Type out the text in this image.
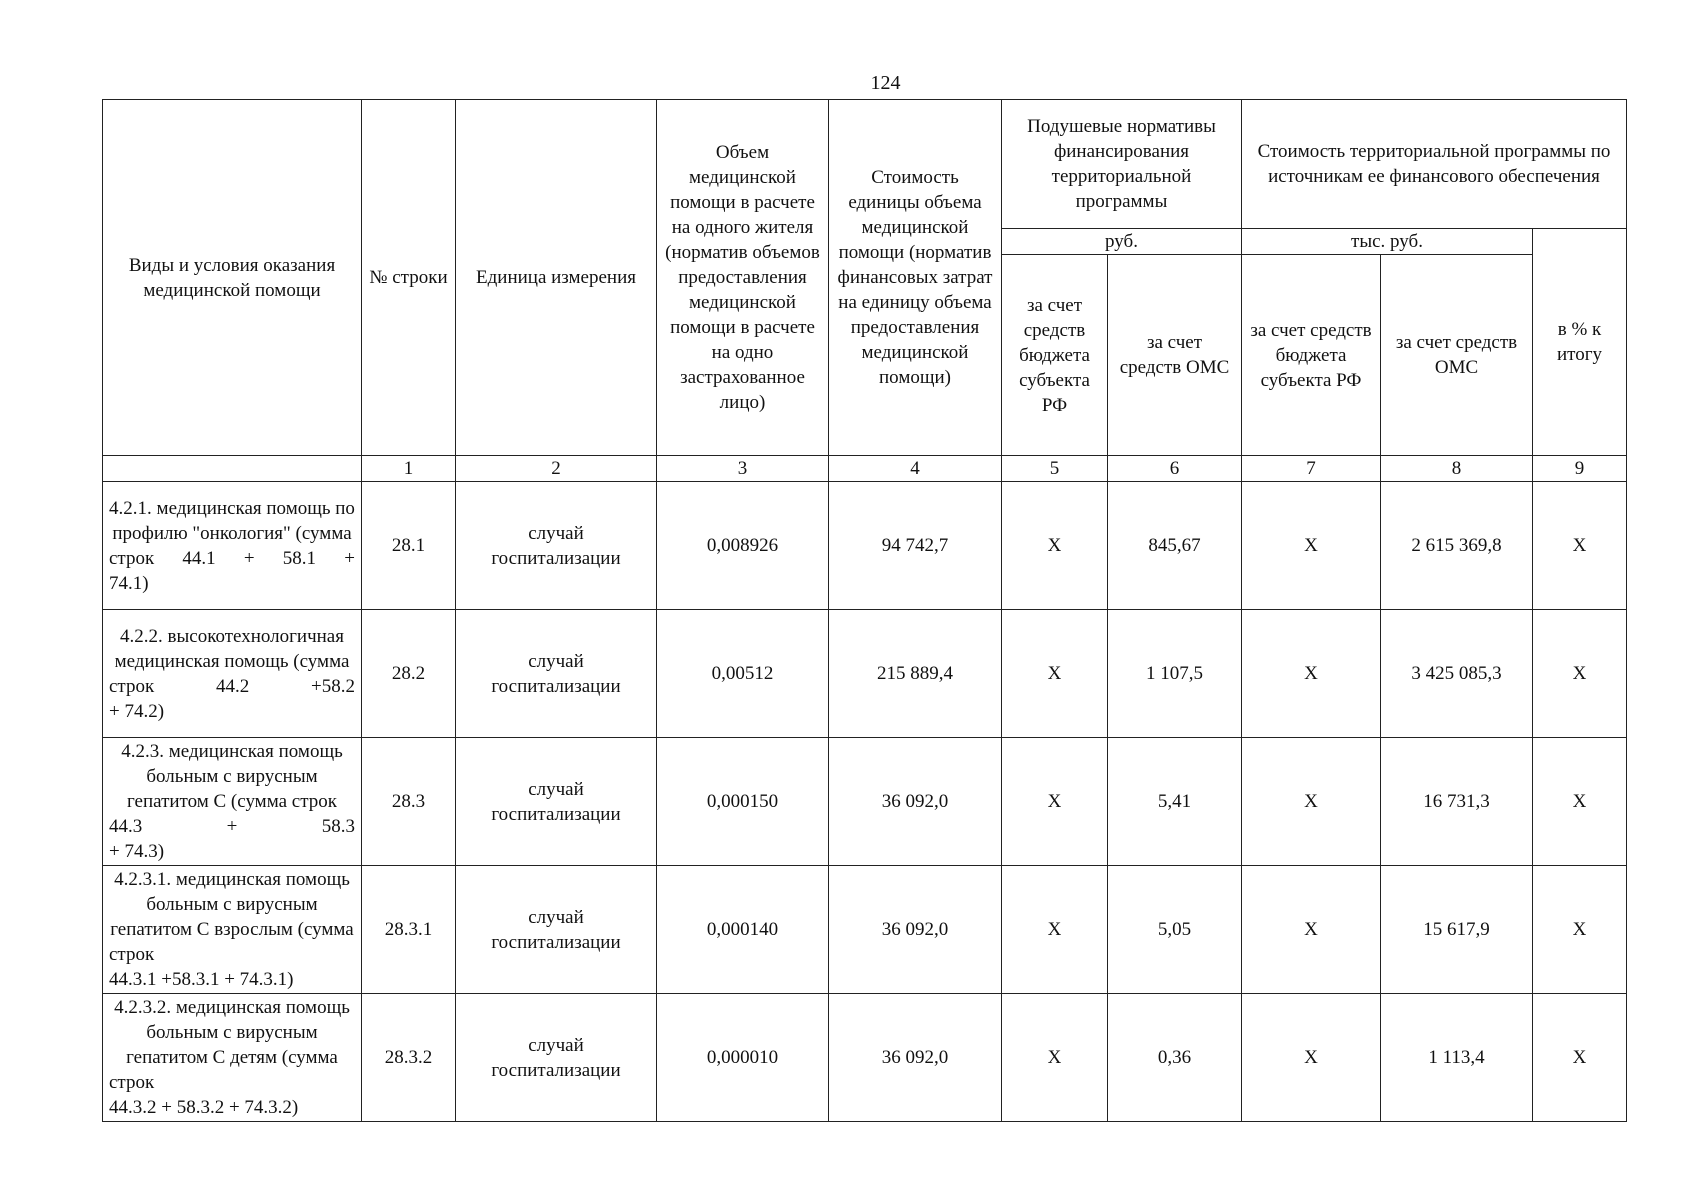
124
Виды и условия оказания медицинской помощи	№ строки	Единица измерения	Объем медицинской помощи в расчете на одного жителя (норматив объемов предоставления медицинской помощи в расчете на одно застрахованное лицо)	Стоимость единицы объема медицинской помощи (норматив финансовых затрат на единицу объема предоставления медицинской помощи)	Подушевые нормативы финансирования территориальной программы		Стоимость территориальной программы по источникам ее финансового обеспечения		
					руб.		тыс. руб.		в % к итогу
					за счет средств бюджета субъекта РФ	за счет средств ОМС	за счет средств бюджета субъекта РФ	за счет средств ОМС	
	1	2	3	4	5	6	7	8	9
4.2.1. медицинская помощь по профилю "онкология" (сумма строк 44.1 + 58.1 +
74.1)	28.1	случай госпитализации	0,008926	94 742,7	Х	845,67	Х	2 615 369,8	Х
4.2.2. высокотехнологичная медицинская помощь (сумма строк 44.2 +58.2
+ 74.2)	28.2	случай госпитализации	0,00512	215 889,4	Х	1 107,5	Х	3 425 085,3	Х
4.2.3. медицинская помощь больным с вирусным гепатитом С (сумма строк 44.3 + 58.3
+ 74.3)	28.3	случай госпитализации	0,000150	36 092,0	Х	5,41	Х	16 731,3	Х
4.2.3.1. медицинская помощь больным с вирусным гепатитом С взрослым (сумма строк
44.3.1 +58.3.1 + 74.3.1)	28.3.1	случай госпитализации	0,000140	36 092,0	Х	5,05	Х	15 617,9	Х
4.2.3.2. медицинская помощь больным с вирусным гепатитом С детям (сумма строк
44.3.2 + 58.3.2 + 74.3.2)	28.3.2	случай госпитализации	0,000010	36 092,0	Х	0,36	Х	1 113,4	Х
